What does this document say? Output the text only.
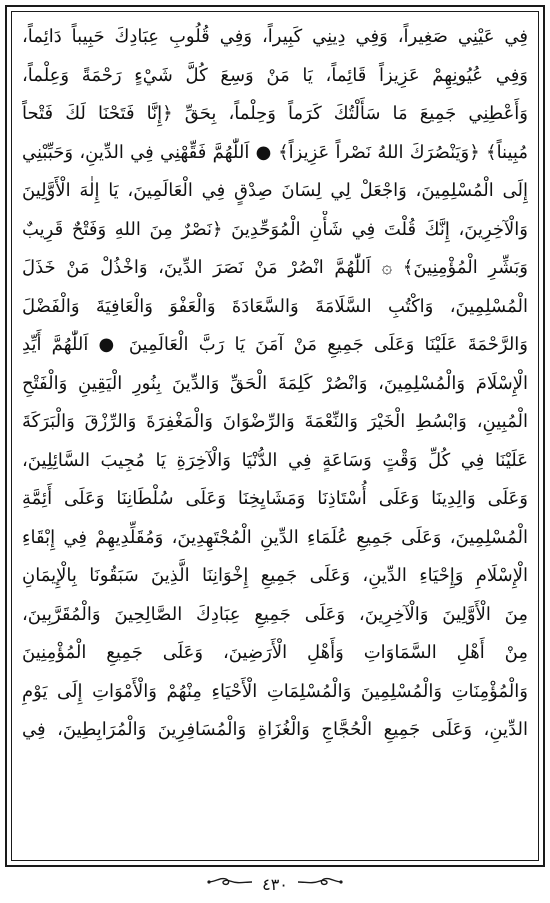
فِي عَيْنِي صَغِيراً، وَفِي دِينِي كَبِيراً، وَفِي قُلُوبِ عِبَادِكَ حَبِيباً دَائِماً،
وَفِي عُيُونِهِمْ عَزِيزاً قَائِماً، يَا مَنْ وَسِعَ كُلَّ شَيْءٍ رَحْمَةً وَعِلْماً،
وَأَعْطِنِي جَمِيعَ مَا سَأَلْتُكَ كَرَماً وَحِلْماً، بِحَقِّ ﴿إِنَّا فَتَحْنَا لَكَ فَتْحاً
مُبِيناً﴾ ﴿وَيَنْصُرَكَ اللهُ نَصْراً عَزِيزاً﴾ ● اَللّٰهُمَّ فَقِّهْنِي فِي الدِّينِ، وَحَبِّبْنِي
إِلَى الْمُسْلِمِينَ، وَاجْعَلْ لِي لِسَانَ صِدْقٍ فِي الْعَالَمِينَ، يَا إِلٰهَ الْأَوَّلِينَ
وَالْآخِرِينَ، إِنَّكَ قُلْتَ فِي شَأْنِ الْمُوَحِّدِينَ ﴿نَصْرٌ مِنَ اللهِ وَفَتْحٌ قَرِيبٌ
وَبَشِّرِ الْمُؤْمِنِينَ﴾ ۞ اَللّٰهُمَّ انْصُرْ مَنْ نَصَرَ الدِّينَ، وَاخْذُلْ مَنْ خَذَلَ
الْمُسْلِمِينَ، وَاكْتُبِ السَّلَامَةَ وَالسَّعَادَةَ وَالْعَفْوَ وَالْعَافِيَةَ وَالْفَضْلَ
وَالرَّحْمَةَ عَلَيْنَا وَعَلَى جَمِيعِ مَنْ آمَنَ يَا رَبَّ الْعَالَمِينَ ● اَللّٰهُمَّ أَيِّدِ
الْإِسْلَامَ وَالْمُسْلِمِينَ، وَانْصُرْ كَلِمَةَ الْحَقِّ وَالدِّينَ بِنُورِ الْيَقِينِ وَالْفَتْحِ
الْمُبِينِ، وَابْسُطِ الْخَيْرَ وَالنِّعْمَةَ وَالرِّضْوَانَ وَالْمَغْفِرَةَ وَالرِّزْقَ وَالْبَرَكَةَ
عَلَيْنَا فِي كُلِّ وَقْتٍ وَسَاعَةٍ فِي الدُّنْيَا وَالْآخِرَةِ يَا مُجِيبَ السَّائِلِينَ،
وَعَلَى وَالِدِينَا وَعَلَى أُسْتَاذِنَا وَمَشَايِخِنَا وَعَلَى سُلْطَانِنَا وَعَلَى أَئِمَّةِ
الْمُسْلِمِينَ، وَعَلَى جَمِيعِ عُلَمَاءِ الدِّينِ الْمُجْتَهِدِينَ، وَمُقَلِّدِيهِمْ فِي إِبْقَاءِ
الْإِسْلَامِ وَإِحْيَاءِ الدِّينِ، وَعَلَى جَمِيعِ إِخْوَانِنَا الَّذِينَ سَبَقُونَا بِالْإِيمَانِ
مِنَ الْأَوَّلِينَ وَالْآخِرِينَ، وَعَلَى جَمِيعِ عِبَادِكَ الصَّالِحِينَ وَالْمُقَرَّبِينَ،
مِنْ أَهْلِ السَّمَاوَاتِ وَأَهْلِ الْأَرَضِينَ، وَعَلَى جَمِيعِ الْمُؤْمِنِينَ
وَالْمُؤْمِنَاتِ وَالْمُسْلِمِينَ وَالْمُسْلِمَاتِ الْأَحْيَاءِ مِنْهُمْ وَالْأَمْوَاتِ إِلَى يَوْمِ
الدِّينِ، وَعَلَى جَمِيعِ الْحُجَّاجِ وَالْغُزَاةِ وَالْمُسَافِرِينَ وَالْمُرَابِطِينَ، فِي
٤٣٠
